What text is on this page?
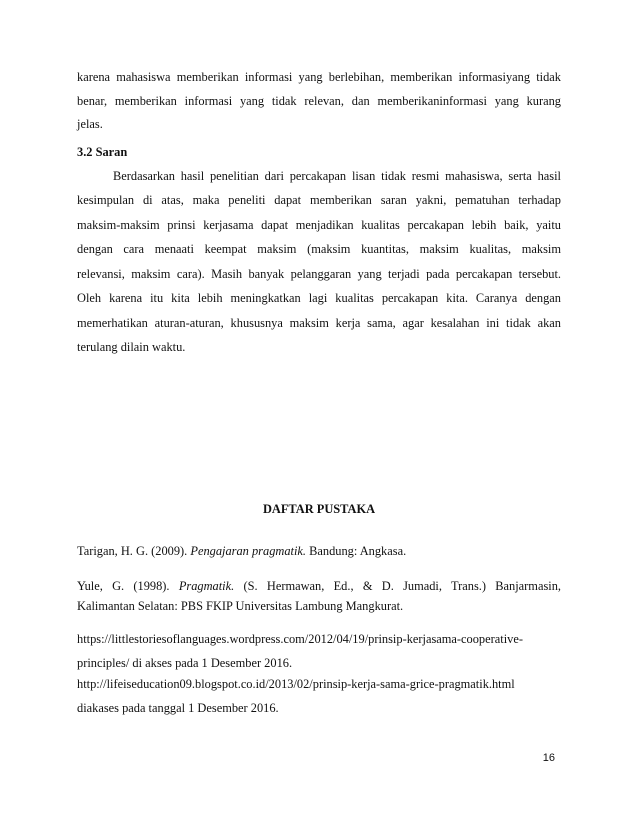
karena mahasiswa memberikan informasi yang berlebihan, memberikan informasiyang tidak
benar, memberikan informasi yang tidak relevan, dan memberikaninformasi yang kurang
jelas.
3.2 Saran
Berdasarkan hasil penelitian dari percakapan lisan tidak resmi mahasiswa, serta hasil
kesimpulan di atas, maka peneliti dapat memberikan saran yakni, pematuhan terhadap
maksim-maksim prinsi kerjasama dapat menjadikan kualitas percakapan lebih baik, yaitu
dengan cara menaati keempat maksim (maksim kuantitas, maksim kualitas, maksim
relevansi, maksim cara). Masih banyak pelanggaran yang terjadi pada percakapan tersebut.
Oleh karena itu kita lebih meningkatkan lagi kualitas percakapan kita. Caranya dengan
memerhatikan aturan-aturan, khususnya maksim kerja sama, agar kesalahan ini tidak akan
terulang dilain waktu.
DAFTAR PUSTAKA
Tarigan, H. G. (2009). Pengajaran pragmatik. Bandung: Angkasa.
Yule, G. (1998). Pragmatik. (S. Hermawan, Ed., & D. Jumadi, Trans.) Banjarmasin,
Kalimantan Selatan: PBS FKIP Universitas Lambung Mangkurat.
https://littlestoriesoflanguages.wordpress.com/2012/04/19/prinsip-kerjasama-cooperative-
principles/ di akses pada 1 Desember 2016.
http://lifeiseducation09.blogspot.co.id/2013/02/prinsip-kerja-sama-grice-pragmatik.html
diakases pada tanggal 1 Desember 2016.
16
